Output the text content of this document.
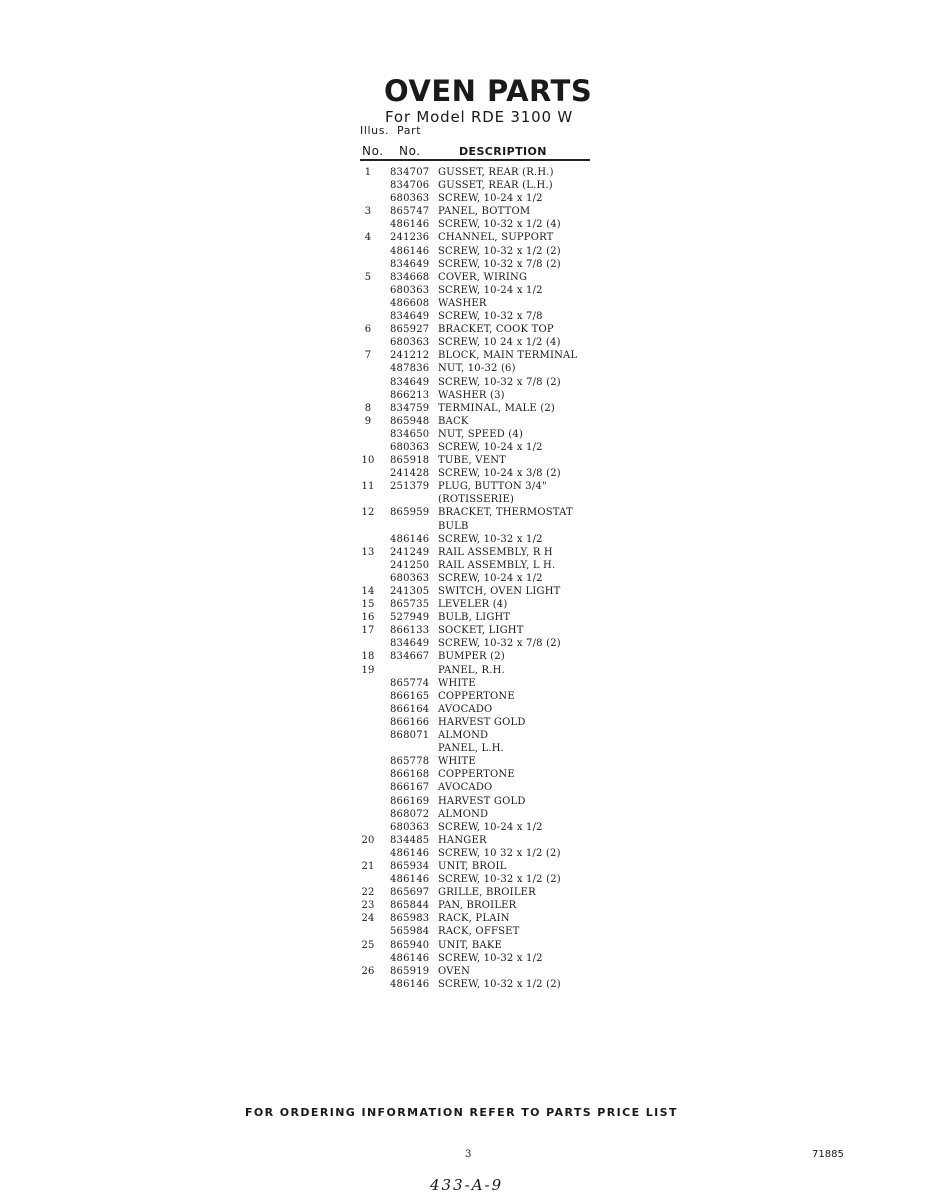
OVEN PARTS
For Model RDE 3100 W
Illus. Part
No. No.	DESCRIPTION
1	834707 GUSSET, REAR (R.H.)
834706 GUSSET, REAR (L.H.)
680363 SCREW, 10-24 x 1/2
3	865747 PANEL, BOTTOM
486146 SCREW, 10-32 x 1/2 (4)
4	241236 CHANNEL, SUPPORT
486146 SCREW, 10-32 x 1/2 (2)
834649 SCREW, 10-32 x 7/8 (2)
5	834668 COVER, WIRING
680363 SCREW, 10-24 x 1/2
486608 WASHER
834649 SCREW, 10-32 x 7/8
6	865927 BRACKET, COOK TOP
680363 SCREW, 10 24 x 1/2 (4)
7	241212 BLOCK, MAIN TERMINAL
487836 NUT, 10-32 (6)
834649 SCREW, 10-32 x 7/8 (2)
866213 WASHER (3)
8	834759 TERMINAL, MALE (2)
9	865948 BACK
834650 NUT, SPEED (4)
680363 SCREW, 10-24 x 1/2
10	865918 TUBE, VENT
241428 SCREW, 10-24 x 3/8 (2)
11	251379 PLUG, BUTTON 3/4"
(ROTISSERIE)
12	865959 BRACKET, THERMOSTAT
BULB
486146 SCREW, 10-32 x 1/2
13	241249 RAIL ASSEMBLY, R H
241250 RAIL ASSEMBLY, L H.
680363 SCREW, 10-24 x 1/2
14	241305 SWITCH, OVEN LIGHT
15	865735 LEVELER (4)
16	527949 BULB, LIGHT
17	866133 SOCKET, LIGHT
834649 SCREW, 10-32 x 7/8 (2)
18	834667 BUMPER (2)
19	PANEL, R.H.
865774 WHITE
866165 COPPERTONE
866164 AVOCADO
866166 HARVEST GOLD
868071 ALMOND
PANEL, L.H.
865778 WHITE
866168 COPPERTONE
866167 AVOCADO
866169 HARVEST GOLD
868072 ALMOND
680363 SCREW, 10-24 x 1/2
20	834485 HANGER
486146 SCREW, 10 32 x 1/2 (2)
21	865934 UNIT, BROIL
486146 SCREW, 10-32 x 1/2 (2)
22	865697 GRILLE, BROILER
23	865844 PAN, BROILER
24	865983 RACK, PLAIN
565984 RACK, OFFSET
25	865940 UNIT, BAKE
486146 SCREW, 10-32 x 1/2
26	865919 OVEN
486146 SCREW, 10-32 x 1/2 (2)
FOR ORDERING INFORMATION REFER TO PARTS PRICE LIST
3	71885
433-A-9
